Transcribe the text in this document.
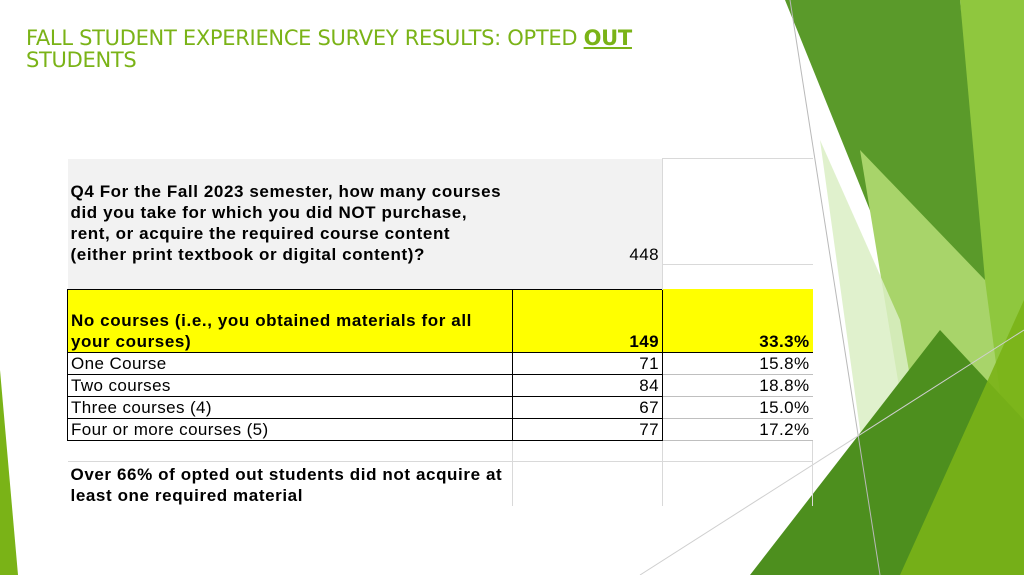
FALL STUDENT EXPERIENCE SURVEY RESULTS: OPTED OUT
STUDENTS
Q4 For the Fall 2023 semester, how many courses did you take for which you did NOT purchase, rent, or acquire the required course content (either print textbook or digital content)?	448	

No courses (i.e., you obtained materials for all your courses)	149	33.3%
One Course	71	15.8%
Two courses	84	18.8%
Three courses (4)	67	15.0%
Four or more courses (5)	77	17.2%

Over 66% of opted out students did not acquire at least one required material		
